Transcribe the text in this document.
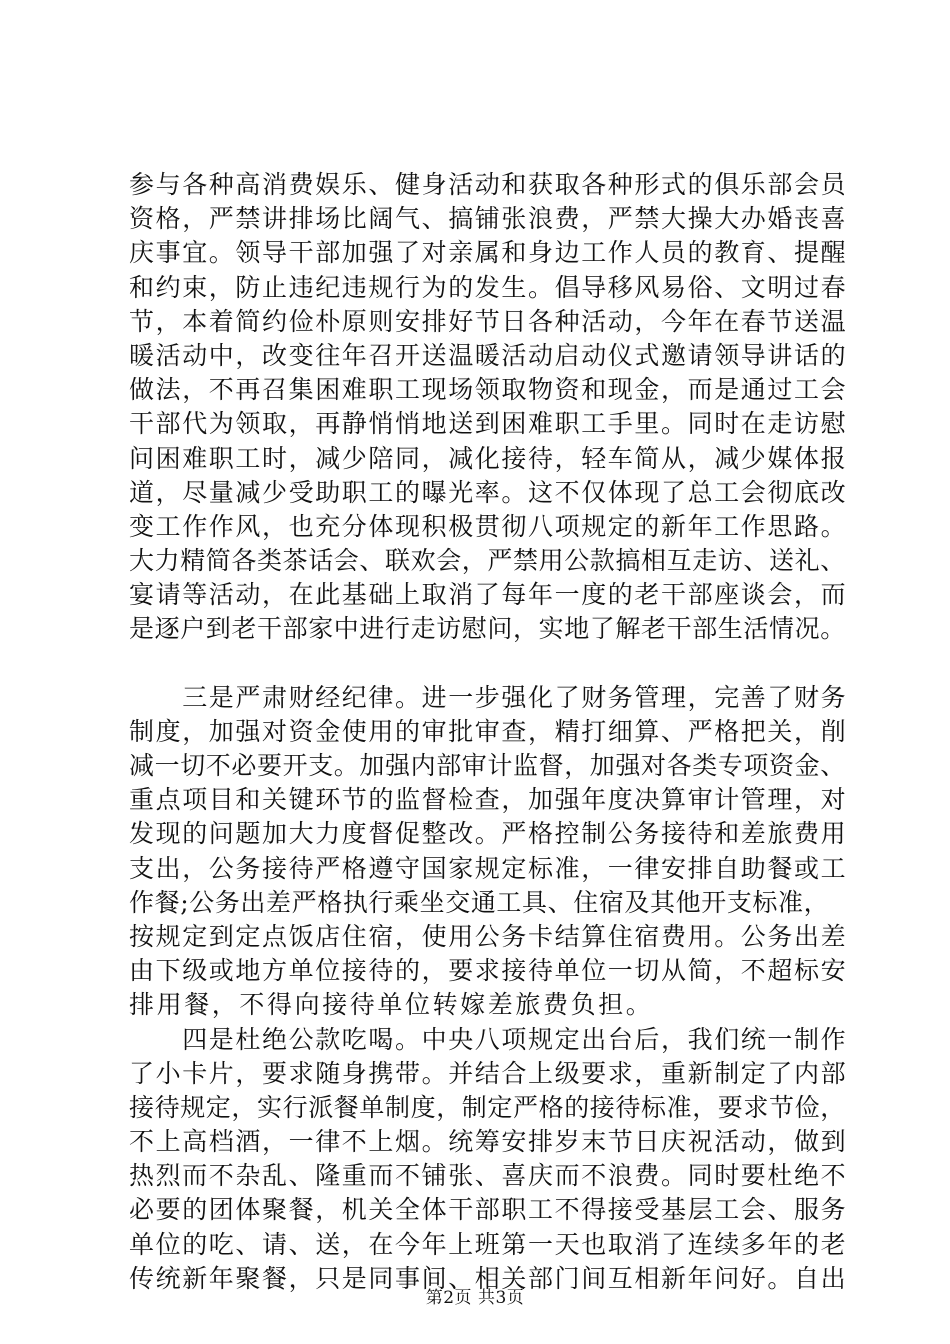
参与各种高消费娱乐、健身活动和获取各种形式的俱乐部会员
资格，严禁讲排场比阔气、搞铺张浪费，严禁大操大办婚丧喜
庆事宜。领导干部加强了对亲属和身边工作人员的教育、提醒
和约束，防止违纪违规行为的发生。倡导移风易俗、文明过春
节，本着简约俭朴原则安排好节日各种活动，今年在春节送温
暖活动中，改变往年召开送温暖活动启动仪式邀请领导讲话的
做法，不再召集困难职工现场领取物资和现金，而是通过工会
干部代为领取，再静悄悄地送到困难职工手里。同时在走访慰
问困难职工时，减少陪同，减化接待，轻车简从，减少媒体报
道，尽量减少受助职工的曝光率。这不仅体现了总工会彻底改
变工作作风，也充分体现积极贯彻八项规定的新年工作思路。
大力精简各类茶话会、联欢会，严禁用公款搞相互走访、送礼、
宴请等活动，在此基础上取消了每年一度的老干部座谈会，而
是逐户到老干部家中进行走访慰问，实地了解老干部生活情况。
　　三是严肃财经纪律。进一步强化了财务管理，完善了财务
制度，加强对资金使用的审批审查，精打细算、严格把关，削
减一切不必要开支。加强内部审计监督，加强对各类专项资金、
重点项目和关键环节的监督检查，加强年度决算审计管理，对
发现的问题加大力度督促整改。严格控制公务接待和差旅费用
支出，公务接待严格遵守国家规定标准，一律安排自助餐或工
作餐;公务出差严格执行乘坐交通工具、住宿及其他开支标准，
按规定到定点饭店住宿，使用公务卡结算住宿费用。公务出差
由下级或地方单位接待的，要求接待单位一切从简，不超标安
排用餐，不得向接待单位转嫁差旅费负担。
　　四是杜绝公款吃喝。中央八项规定出台后，我们统一制作
了小卡片，要求随身携带。并结合上级要求，重新制定了内部
接待规定，实行派餐单制度，制定严格的接待标准，要求节俭，
不上高档酒，一律不上烟。统筹安排岁末节日庆祝活动，做到
热烈而不杂乱、隆重而不铺张、喜庆而不浪费。同时要杜绝不
必要的团体聚餐，机关全体干部职工不得接受基层工会、服务
单位的吃、请、送，在今年上班第一天也取消了连续多年的老
传统新年聚餐，只是同事间、相关部门间互相新年问好。自出
第2页 共3页
